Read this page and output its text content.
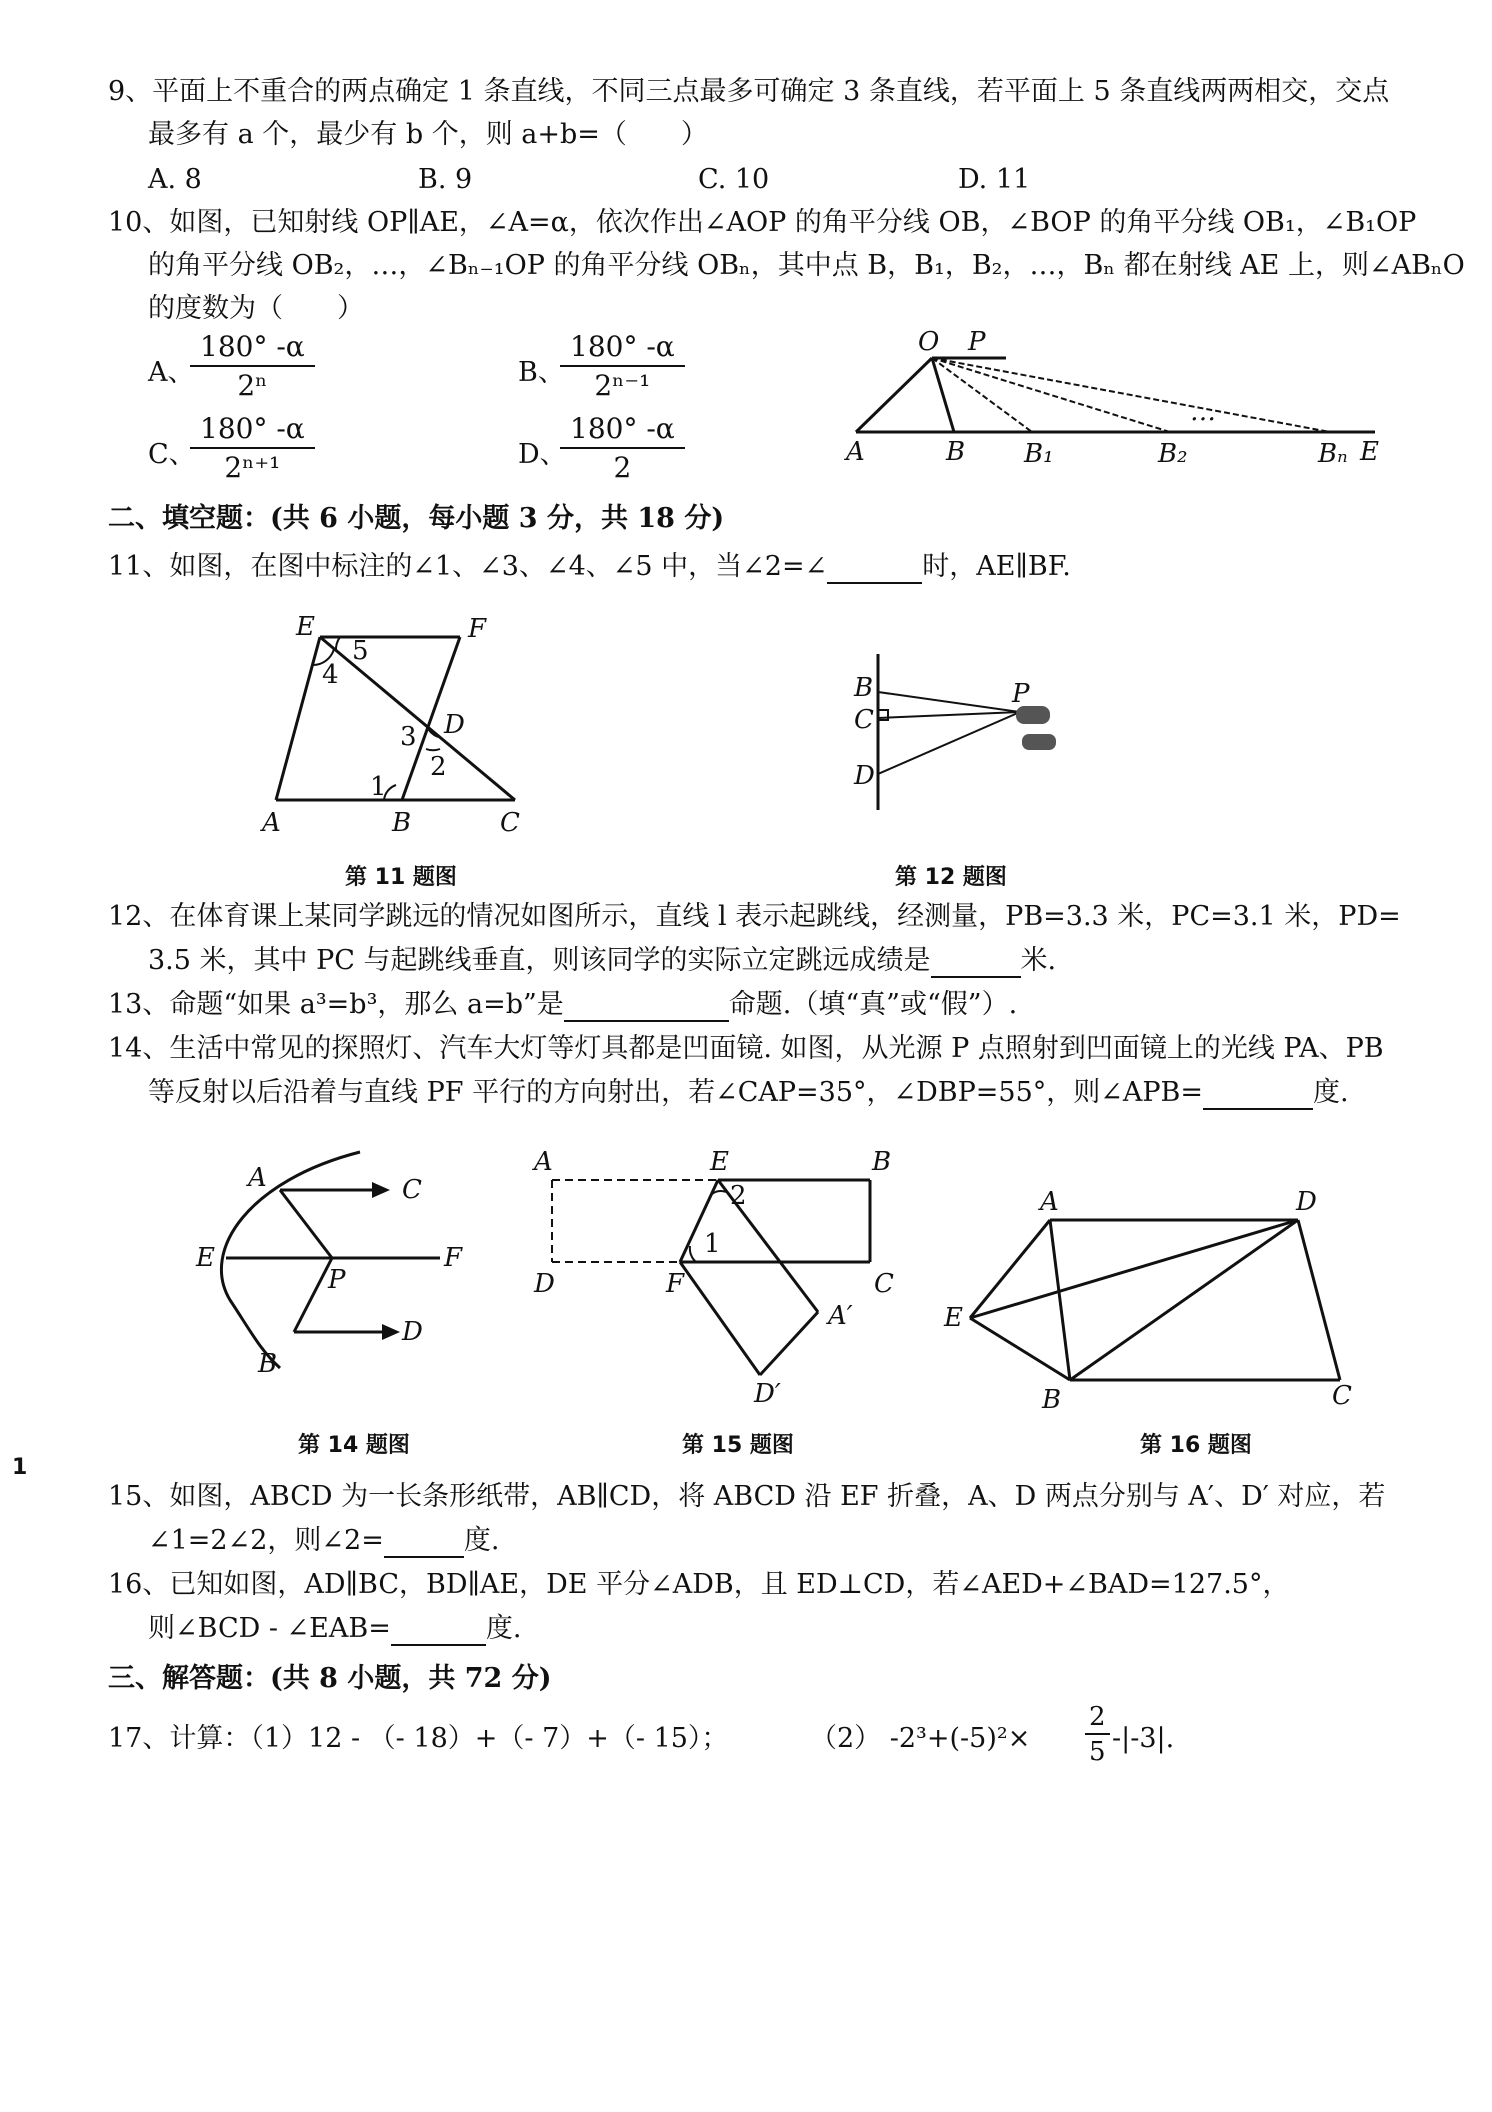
9、平面上不重合的两点确定 1 条直线，不同三点最多可确定 3 条直线，若平面上 5 条直线两两相交，交点
最多有 a 个，最少有 b 个，则 a+b=（　　）
A. 8	B. 9	C. 10	D. 11
10、如图，已知射线 OP∥AE，∠A=α，依次作出∠AOP 的角平分线 OB，∠BOP 的角平分线 OB₁，∠B₁OP
的角平分线 OB₂，…，∠Bₙ₋₁OP 的角平分线 OBₙ，其中点 B，B₁，B₂，…，Bₙ 都在射线 AE 上，则∠ABₙO
的度数为（　　）
A、
$\frac{180^\circ -\alpha}{\text{2ⁿ}}$	B、
$\frac{180^\circ -\alpha}{\text{2ⁿ⁻¹}}$
C、
$\frac{180^\circ -\alpha}{\text{2ⁿ⁺¹}}$	D、
$\frac{180^\circ -\alpha}{2}$
O P
A	B B₁	B₂
…
Bₙ E
二、填空题：(共 6 小题，每小题 3 分，共 18 分)
11、如图，在图中标注的∠1、∠3、∠4、∠5 中，当∠2=∠	时，AE∥BF.
E	F
A	B	C
D
1
2
3
4
5
第 11 题图
B
C
D
P
第 12 题图
12、在体育课上某同学跳远的情况如图所示，直线 l 表示起跳线，经测量，PB=3.3 米，PC=3.1 米，PD=
3.5 米，其中 PC 与起跳线垂直，则该同学的实际立定跳远成绩是	米.
13、命题“如果 a³=b³，那么 a=b”是	命题.（填“真”或“假”）.
14、生活中常见的探照灯、汽车大灯等灯具都是凹面镜. 如图，从光源 P 点照射到凹面镜上的光线 PA、PB
等反射以后沿着与直线 PF 平行的方向射出，若∠CAP=35°，∠DBP=55°，则∠APB=	度.
A	C
E
P
F
B
D
第 14 题图
A	E	B
D	F	C
A′
D′
1
2
第 15 题图
A	D
E
B	C
第 16 题图
15、如图，ABCD 为一长条形纸带，AB∥CD，将 ABCD 沿 EF 折叠，A、D 两点分别与 A′、D′ 对应，若
∠1=2∠2，则∠2=	度.
16、已知如图，AD∥BC，BD∥AE，DE 平分∠ADB，且 ED⊥CD，若∠AED+∠BAD=127.5°，
则∠BCD - ∠EAB=	度.
三、解答题：(共 8 小题，共 72 分)
17、计算：（1）12 - （- 18）+（- 7）+（- 15）；	（2） $-2^3+(-5)^2\times \frac{2}{5} -|-3|$.
1
